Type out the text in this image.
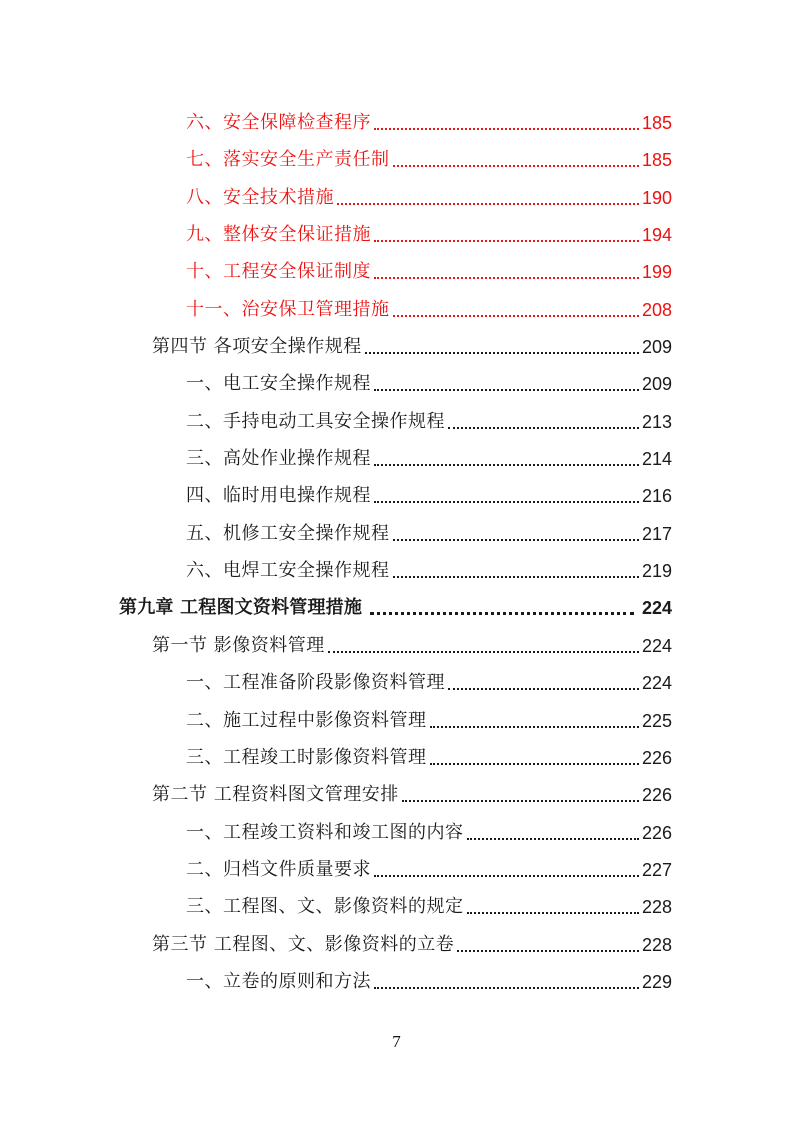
六、安全保障检查程序	185
七、落实安全生产责任制	185
八、安全技术措施	190
九、整体安全保证措施	194
十、工程安全保证制度	199
十一、治安保卫管理措施	208
第四节 各项安全操作规程	209
一、电工安全操作规程	209
二、手持电动工具安全操作规程	213
三、高处作业操作规程	214
四、临时用电操作规程	216
五、机修工安全操作规程	217
六、电焊工安全操作规程	219
第九章 工程图文资料管理措施	224
第一节 影像资料管理	224
一、工程准备阶段影像资料管理	224
二、施工过程中影像资料管理	225
三、工程竣工时影像资料管理	226
第二节 工程资料图文管理安排	226
一、工程竣工资料和竣工图的内容	226
二、归档文件质量要求	227
三、工程图、文、影像资料的规定	228
第三节 工程图、文、影像资料的立卷	228
一、立卷的原则和方法	229
7
